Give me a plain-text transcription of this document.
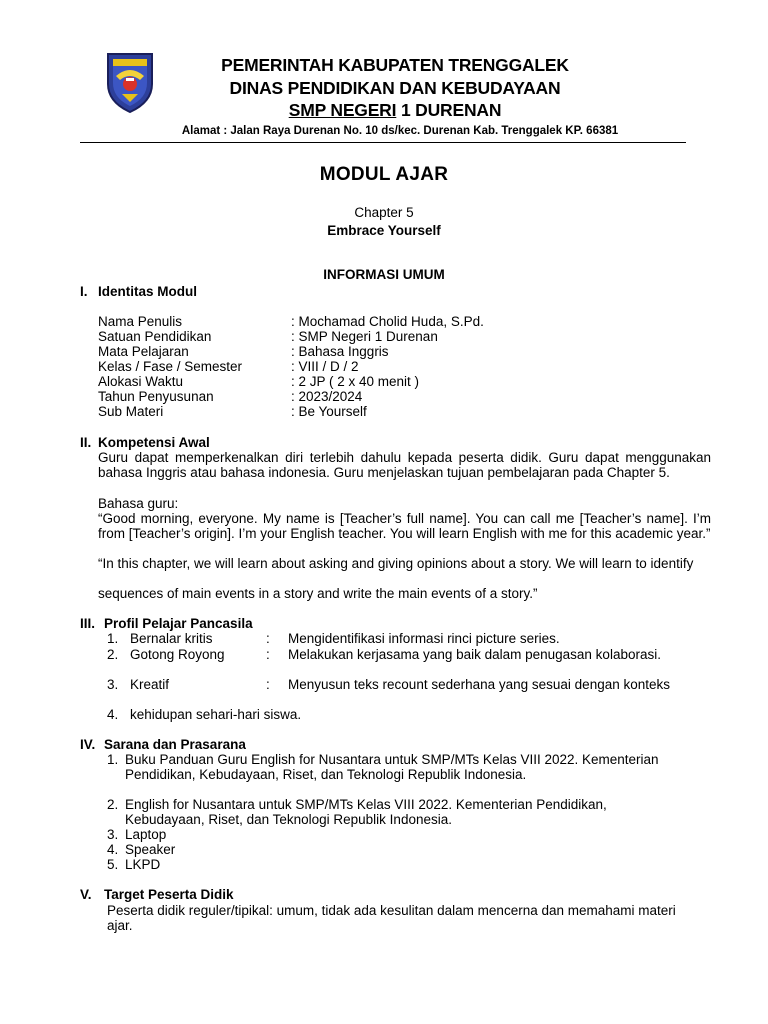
PEMERINTAH KABUPATEN TRENGGALEK
DINAS PENDIDIKAN DAN KEBUDAYAAN
SMP NEGERI 1 DURENAN
Alamat : Jalan Raya Durenan No. 10 ds/kec. Durenan Kab. Trenggalek KP. 66381
MODUL AJAR
Chapter 5
Embrace Yourself
INFORMASI UMUM
I. Identitas Modul
Nama Penulis	: Mochamad Cholid Huda, S.Pd.
Satuan Pendidikan	: SMP Negeri 1 Durenan
Mata Pelajaran	: Bahasa Inggris
Kelas / Fase / Semester	: VIII / D / 2
Alokasi Waktu	: 2 JP ( 2 x 40 menit )
Tahun Penyusunan	: 2023/2024
Sub Materi	: Be Yourself
II. Kompetensi Awal
Guru dapat memperkenalkan diri terlebih dahulu kepada peserta didik. Guru dapat menggunakan bahasa Inggris atau bahasa indonesia. Guru menjelaskan tujuan pembelajaran pada Chapter 5.
Bahasa guru:
“Good morning, everyone. My name is [Teacher’s full name]. You can call me [Teacher’s name]. I’m from [Teacher’s origin]. I’m your English teacher. You will learn English with me for this academic year.”
“In this chapter, we will learn about asking and giving opinions about a story. We will learn to identify
sequences of main events in a story and write the main events of a story.”
III. Profil Pelajar Pancasila
1. Bernalar kritis	: Mengidentifikasi informasi rinci picture series.
2. Gotong Royong	:	Melakukan kerjasama yang baik dalam penugasan kolaborasi.
3. Kreatif	:	Menyusun teks recount sederhana yang sesuai dengan konteks
4. kehidupan sehari-hari siswa.
IV. Sarana dan Prasarana
1. Buku Panduan Guru English for Nusantara untuk SMP/MTs Kelas VIII 2022. Kementerian Pendidikan, Kebudayaan, Riset, dan Teknologi Republik Indonesia.
2. English for Nusantara untuk SMP/MTs Kelas VIII 2022. Kementerian Pendidikan, Kebudayaan, Riset, dan Teknologi Republik Indonesia.
3. Laptop
4. Speaker
5. LKPD
V. Target Peserta Didik
Peserta didik reguler/tipikal: umum, tidak ada kesulitan dalam mencerna dan memahami materi ajar.
